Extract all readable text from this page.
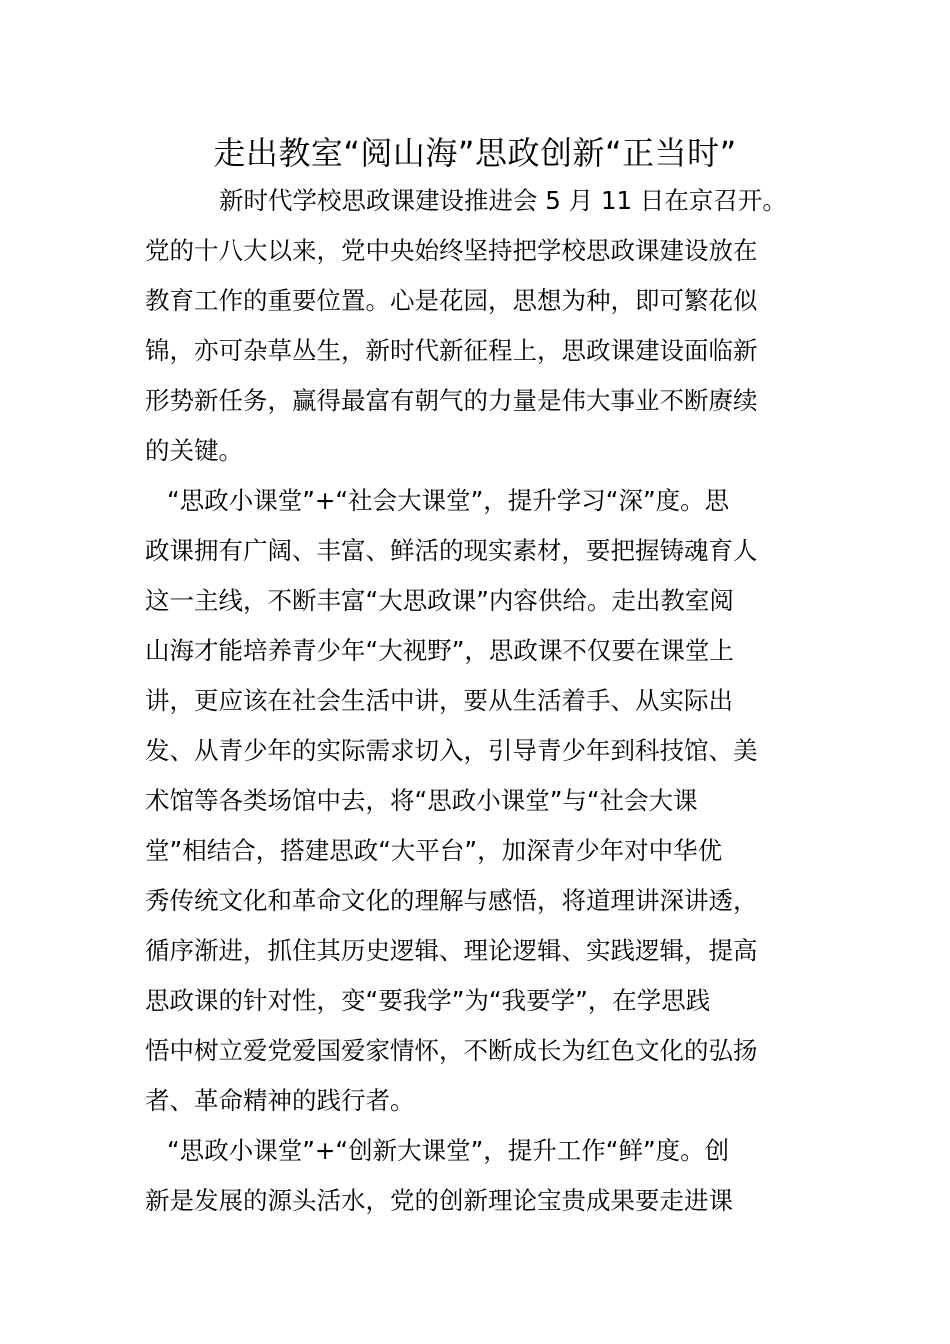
走出教室“阅山海”思政创新“正当时”
新时代学校思政课建设推进会 5 月 11 日在京召开。
党的十八大以来，党中央始终坚持把学校思政课建设放在
教育工作的重要位置。心是花园，思想为种，即可繁花似
锦，亦可杂草丛生，新时代新征程上，思政课建设面临新
形势新任务，赢得最富有朝气的力量是伟大事业不断赓续
的关键。
“思政小课堂”+“社会大课堂”，提升学习“深”度。思
政课拥有广阔、丰富、鲜活的现实素材，要把握铸魂育人
这一主线，不断丰富“大思政课”内容供给。走出教室阅
山海才能培养青少年“大视野”，思政课不仅要在课堂上
讲，更应该在社会生活中讲，要从生活着手、从实际出
发、从青少年的实际需求切入，引导青少年到科技馆、美
术馆等各类场馆中去，将“思政小课堂”与“社会大课
堂”相结合，搭建思政“大平台”，加深青少年对中华优
秀传统文化和革命文化的理解与感悟，将道理讲深讲透，
循序渐进，抓住其历史逻辑、理论逻辑、实践逻辑，提高
思政课的针对性，变“要我学”为“我要学”，在学思践
悟中树立爱党爱国爱家情怀，不断成长为红色文化的弘扬
者、革命精神的践行者。
“思政小课堂”+“创新大课堂”，提升工作“鲜”度。创
新是发展的源头活水，党的创新理论宝贵成果要走进课
